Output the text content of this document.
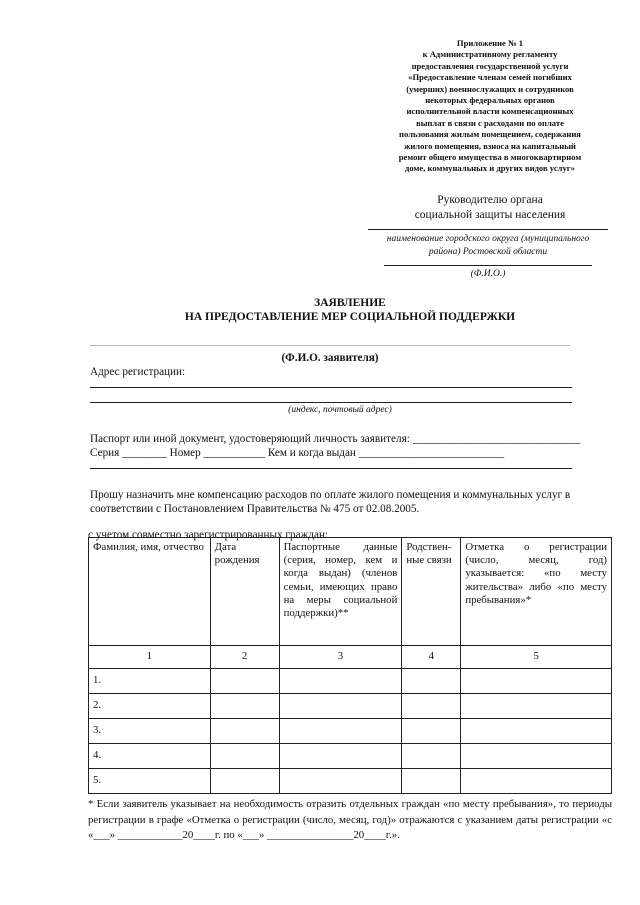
Приложение № 1
к Административному регламенту
предоставления государственной услуги
«Предоставление членам семей погибших
(умерших) военнослужащих и сотрудников
некоторых федеральных органов
исполнительной власти компенсационных
выплат в связи с расходами по оплате
пользования жилым помещением, содержания
жилого помещения, взноса на капитальный
ремонт общего имущества в многоквартирном
доме, коммунальных и других видов услуг»
Руководителю органа
социальной защиты населения
наименование городского округа (муниципального
района) Ростовской области
(Ф.И.О.)
ЗАЯВЛЕНИЕ
НА ПРЕДОСТАВЛЕНИЕ МЕР СОЦИАЛЬНОЙ ПОДДЕРЖКИ
(Ф.И.О. заявителя)
Адрес регистрации:
(индекс, почтовый адрес)
Паспорт или иной документ, удостоверяющий личность заявителя: ______________________________
Серия ________ Номер ___________ Кем и когда выдан __________________________
Прошу назначить мне компенсацию расходов по оплате жилого помещения и коммунальных услуг в
соответствии с Постановлением Правительства № 475 от 02.08.2005.
с учетом совместно зарегистрированных граждан:
Фамилия, имя, отчество	Дата рождения	Паспортные данные (серия, номер, кем и когда выдан) (членов семьи, имеющих право на меры социальной поддержки)**	Родствен-ные связи	Отметка о регистрации (число, месяц, год) указывается: «по месту жительства» либо «по месту пребывания»*
1	2	3	4	5
1.				
2.				
3.				
4.				
5.				
* Если заявитель указывает на необходимость отразить отдельных граждан «по месту пребывания», то периоды регистрации в графе «Отметка о регистрации (число, месяц, год)» отражаются с указанием даты регистрации «с «___» ____________20____г. по «___» ________________20____г.».
